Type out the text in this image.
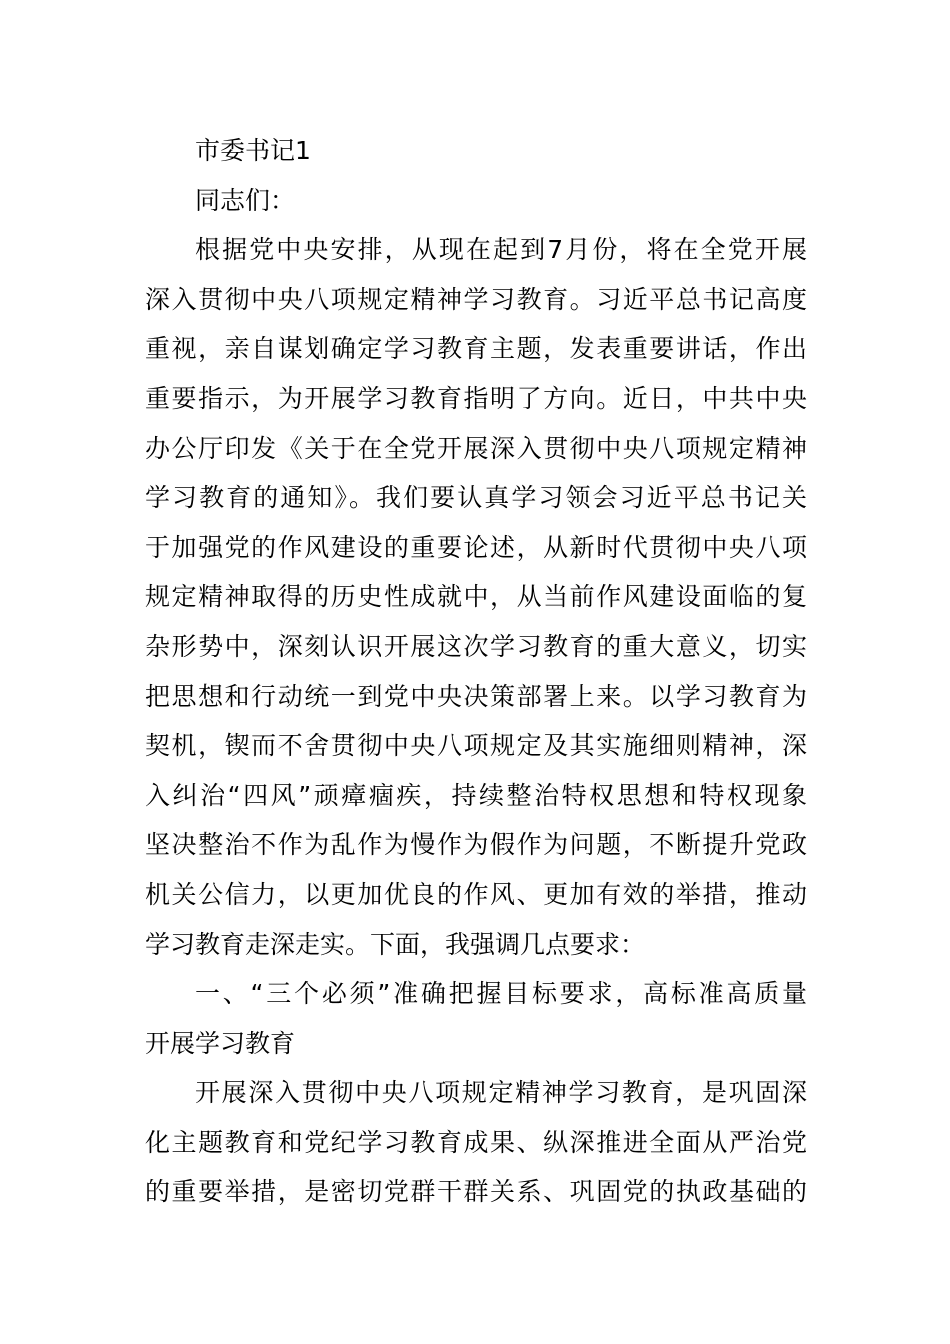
市委书记1
同志们：
根据党中央安排，从现在起到7月份，将在全党开展
深入贯彻中央八项规定精神学习教育。习近平总书记高度
重视，亲自谋划确定学习教育主题，发表重要讲话，作出
重要指示，为开展学习教育指明了方向。近日，中共中央
办公厅印发《关于在全党开展深入贯彻中央八项规定精神
学习教育的通知》。我们要认真学习领会习近平总书记关
于加强党的作风建设的重要论述，从新时代贯彻中央八项
规定精神取得的历史性成就中，从当前作风建设面临的复
杂形势中，深刻认识开展这次学习教育的重大意义，切实
把思想和行动统一到党中央决策部署上来。以学习教育为
契机，锲而不舍贯彻中央八项规定及其实施细则精神，深
入纠治“四风”顽瘴痼疾，持续整治特权思想和特权现象
坚决整治不作为乱作为慢作为假作为问题，不断提升党政
机关公信力，以更加优良的作风、更加有效的举措，推动
学习教育走深走实。下面，我强调几点要求：
一、“三个必须”准确把握目标要求，高标准高质量
开展学习教育
开展深入贯彻中央八项规定精神学习教育，是巩固深
化主题教育和党纪学习教育成果、纵深推进全面从严治党
的重要举措，是密切党群干群关系、巩固党的执政基础的
